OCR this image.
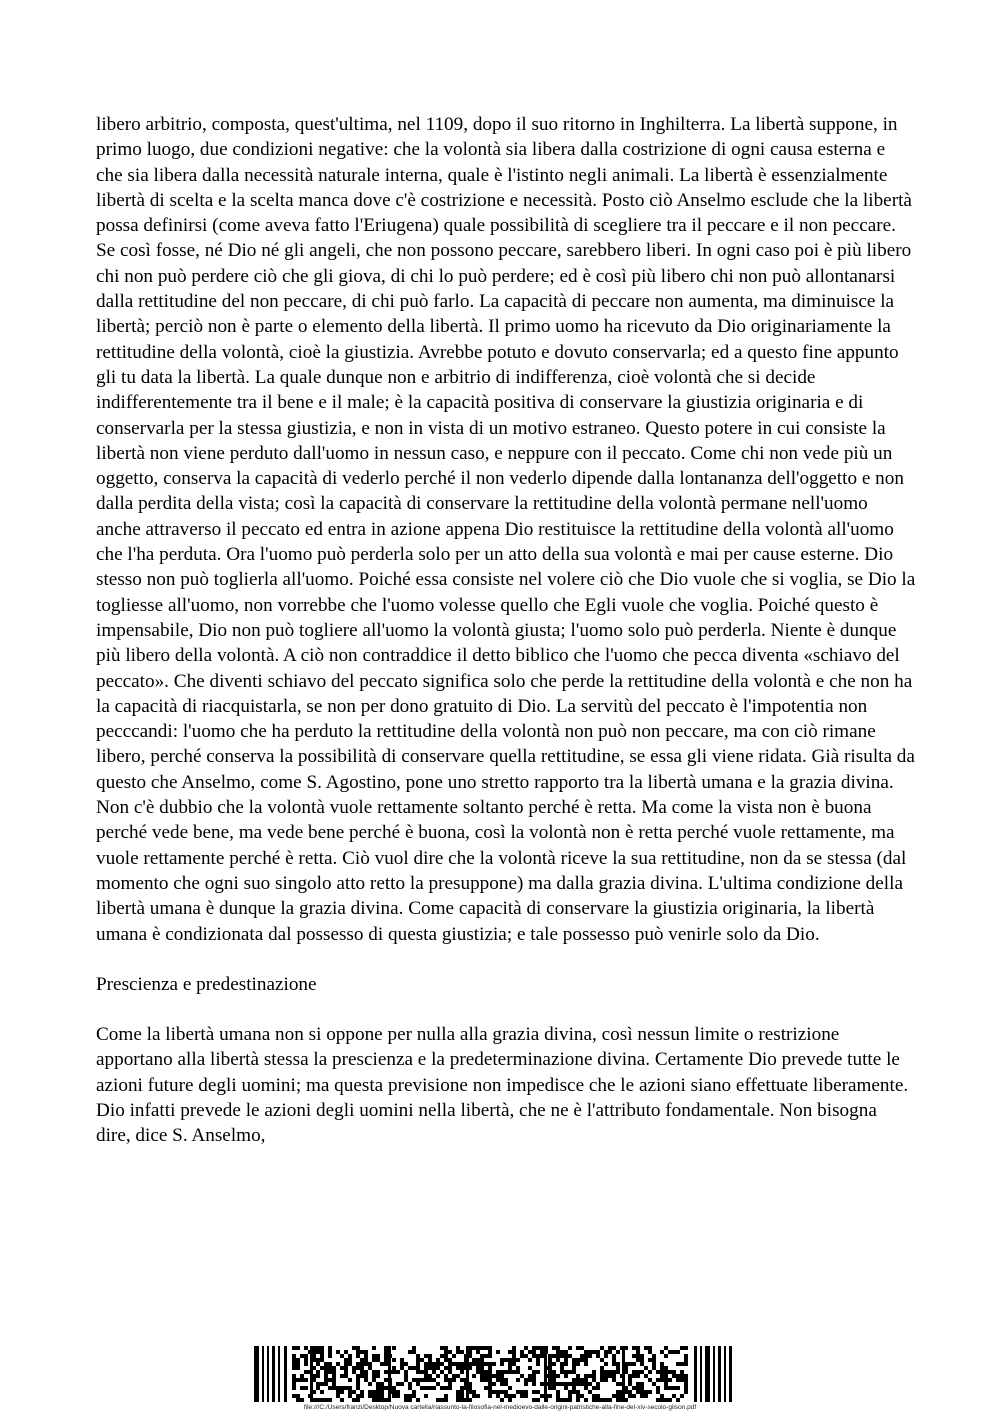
libero arbitrio, composta, quest'ultima, nel 1109, dopo il suo ritorno in Inghilterra. La libertà suppone, in primo luogo, due condizioni negative: che la volontà sia libera dalla costrizione di ogni causa esterna e che sia libera dalla necessità naturale interna, quale è l'istinto negli animali. La libertà è essenzialmente libertà di scelta e la scelta manca dove c'è costrizione e necessità. Posto ciò Anselmo esclude che la libertà possa definirsi (come aveva fatto l'Eriugena) quale possibilità di scegliere tra il peccare e il non peccare. Se così fosse, né Dio né gli angeli, che non possono peccare, sarebbero liberi. In ogni caso poi è più libero chi non può perdere ciò che gli giova, di chi lo può perdere; ed è così più libero chi non può allontanarsi dalla rettitudine del non peccare, di chi può farlo. La capacità di peccare non aumenta, ma diminuisce la libertà; perciò non è parte o elemento della libertà. Il primo uomo ha ricevuto da Dio originariamente la rettitudine della volontà, cioè la giustizia. Avrebbe potuto e dovuto conservarla; ed a questo fine appunto gli tu data la libertà. La quale dunque non e arbitrio di indifferenza, cioè volontà che si decide indifferentemente tra il bene e il male; è la capacità positiva di conservare la giustizia originaria e di conservarla per la stessa giustizia, e non in vista di un motivo estraneo. Questo potere in cui consiste la libertà non viene perduto dall'uomo in nessun caso, e neppure con il peccato. Come chi non vede più un oggetto, conserva la capacità di vederlo perché il non vederlo dipende dalla lontananza dell'oggetto e non dalla perdita della vista; così la capacità di conservare la rettitudine della volontà permane nell'uomo anche attraverso il peccato ed entra in azione appena Dio restituisce la rettitudine della volontà all'uomo che l'ha perduta. Ora l'uomo può perderla solo per un atto della sua volontà e mai per cause esterne. Dio stesso non può toglierla all'uomo. Poiché essa consiste nel volere ciò che Dio vuole che si voglia, se Dio la togliesse all'uomo, non vorrebbe che l'uomo volesse quello che Egli vuole che voglia. Poiché questo è impensabile, Dio non può togliere all'uomo la volontà giusta; l'uomo solo può perderla. Niente è dunque più libero della volontà. A ciò non contraddice il detto biblico che l'uomo che pecca diventa «schiavo del peccato». Che diventi schiavo del peccato significa solo che perde la rettitudine della volontà e che non ha la capacità di riacquistarla, se non per dono gratuito di Dio. La servitù del peccato è l'impotentia non pecccandi: l'uomo che ha perduto la rettitudine della volontà non può non peccare, ma con ciò rimane libero, perché conserva la possibilità di conservare quella rettitudine, se essa gli viene ridata. Già risulta da questo che Anselmo, come S. Agostino, pone uno stretto rapporto tra la libertà umana e la grazia divina. Non c'è dubbio che la volontà vuole rettamente soltanto perché è retta. Ma come la vista non è buona perché vede bene, ma vede bene perché è buona, così la volontà non è retta perché vuole rettamente, ma vuole rettamente perché è retta. Ciò vuol dire che la volontà riceve la sua rettitudine, non da se stessa (dal momento che ogni suo singolo atto retto la presuppone) ma dalla grazia divina. L'ultima condizione della libertà umana è dunque la grazia divina. Come capacità di conservare la giustizia originaria, la libertà umana è condizionata dal possesso di questa giustizia; e tale possesso può venirle solo da Dio.

Prescienza e predestinazione

Come la libertà umana non si oppone per nulla alla grazia divina, così nessun limite o restrizione apportano alla libertà stessa la prescienza e la predeterminazione divina. Certamente Dio prevede tutte le azioni future degli uomini; ma questa previsione non impedisce che le azioni siano effettuate liberamente. Dio infatti prevede le azioni degli uomini nella libertà, che ne è l'attributo fondamentale. Non bisogna dire, dice S. Anselmo,

file:///C:/Users/franzi/Desktop/Nuova cartella/riassunto-la-filosofia-nel-medioevo-dalle-origini-patristiche-alla-fine-del-xiv-secolo-gilson.pdf
